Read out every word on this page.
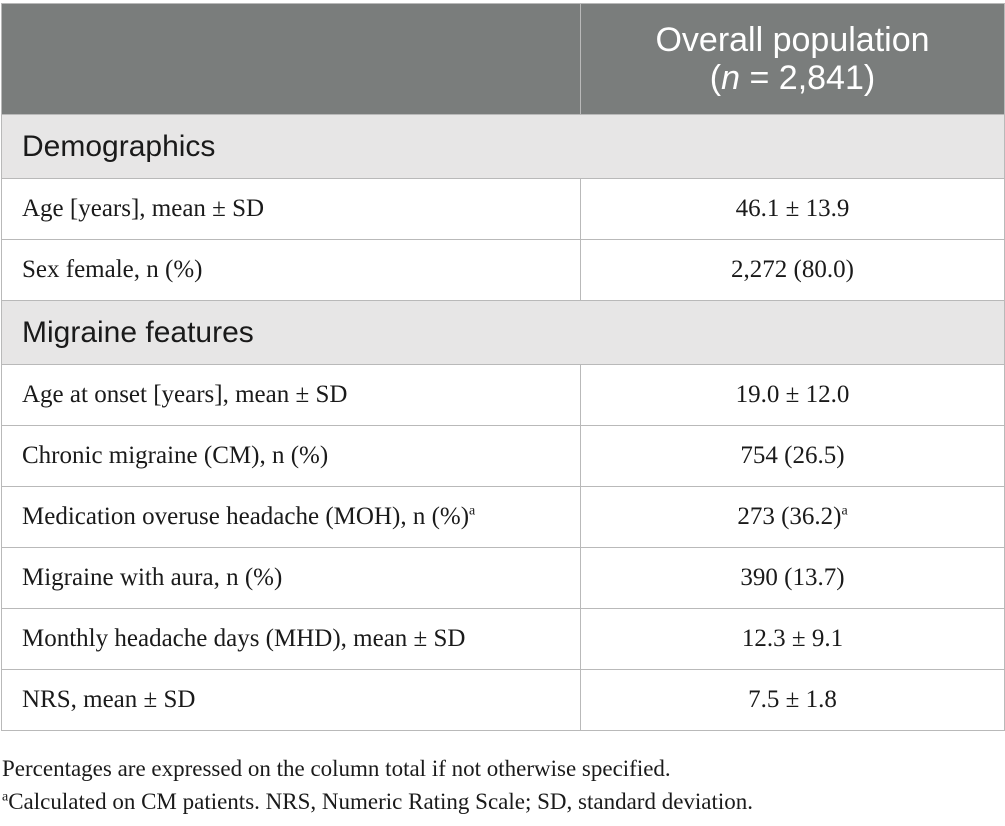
	Overall population
(n = 2,841)
Demographics	
Age [years], mean ± SD	46.1 ± 13.9
Sex female, n (%)	2,272 (80.0)
Migraine features	
Age at onset [years], mean ± SD	19.0 ± 12.0
Chronic migraine (CM), n (%)	754 (26.5)
Medication overuse headache (MOH), n (%)$^a$	273 (36.2)$^a$
Migraine with aura, n (%)	390 (13.7)
Monthly headache days (MHD), mean ± SD	12.3 ± 9.1
NRS, mean ± SD	7.5 ± 1.8

Percentages are expressed on the column total if not otherwise specified.

$^a$Calculated on CM patients. NRS, Numeric Rating Scale; SD, standard deviation.
